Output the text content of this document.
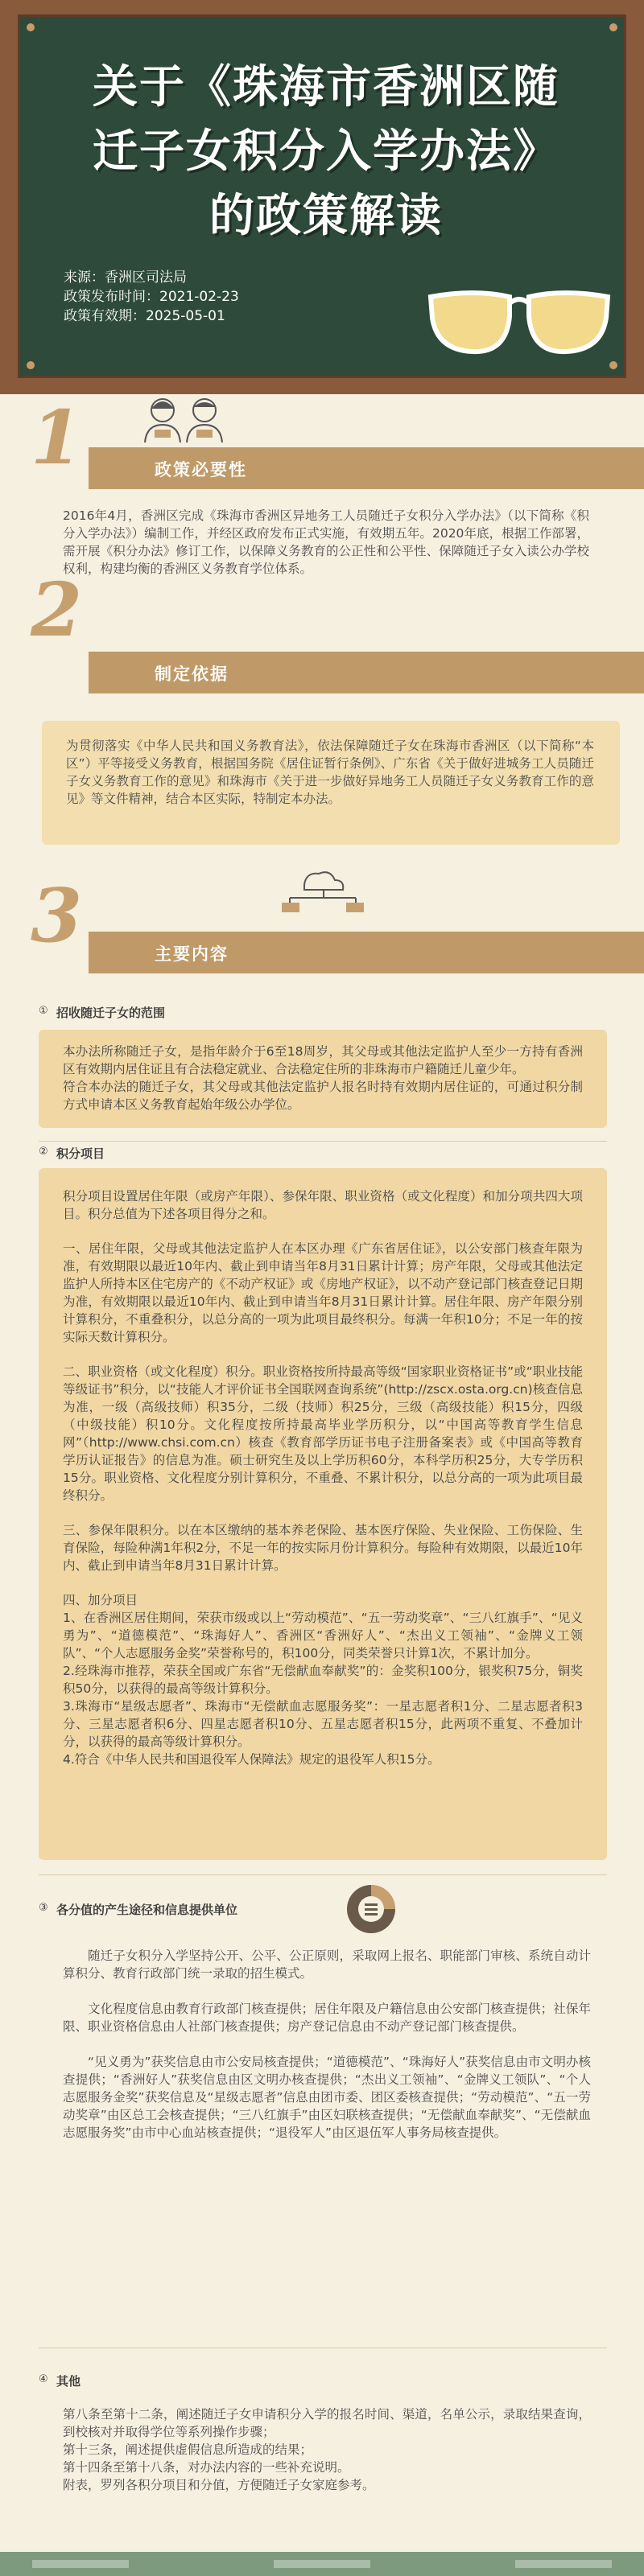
关于《珠海市香洲区随
迁子女积分入学办法》
的政策解读
来源：香洲区司法局
政策发布时间：2021-02-23
政策有效期：2025-05-01
1	政策必要性
2016年4月，香洲区完成《珠海市香洲区异地务工人员随迁子女积分入学办法》（以下简称《积分入学办法》）编制工作，并经区政府发布正式实施，有效期五年。2020年底，根据工作部署，需开展《积分办法》修订工作，以保障义务教育的公正性和公平性、保障随迁子女入读公办学校权利，构建均衡的香洲区义务教育学位体系。
2
制定依据
为贯彻落实《中华人民共和国义务教育法》，依法保障随迁子女在珠海市香洲区（以下简称“本区”）平等接受义务教育，根据国务院《居住证暂行条例》、广东省《关于做好进城务工人员随迁子女义务教育工作的意见》和珠海市《关于进一步做好异地务工人员随迁子女义务教育工作的意见》等文件精神，结合本区实际，特制定本办法。
3	主要内容
① 招收随迁子女的范围

本办法所称随迁子女，是指年龄介于6至18周岁，其父母或其他法定监护人至少一方持有香洲区有效期内居住证且有合法稳定就业、合法稳定住所的非珠海市户籍随迁儿童少年。

符合本办法的随迁子女，其父母或其他法定监护人报名时持有效期内居住证的，可通过积分制方式申请本区义务教育起始年级公办学位。

② 积分项目

积分项目设置居住年限（或房产年限）、参保年限、职业资格（或文化程度）和加分项共四大项目。积分总值为下述各项目得分之和。

一、居住年限，父母或其他法定监护人在本区办理《广东省居住证》，以公安部门核查年限为准，有效期限以最近10年内、截止到申请当年8月31日累计计算；房产年限，父母或其他法定监护人所持本区住宅房产的《不动产权证》或《房地产权证》，以不动产登记部门核查登记日期为准，有效期限以最近10年内、截止到申请当年8月31日累计计算。居住年限、房产年限分别计算积分，不重叠积分，以总分高的一项为此项目最终积分。每满一年积10分；不足一年的按实际天数计算积分。

二、职业资格（或文化程度）积分。职业资格按所持最高等级“国家职业资格证书”或“职业技能等级证书”积分，以“技能人才评价证书全国联网查询系统”(http://zscx.osta.org.cn)核查信息为准，一级（高级技师）积35分，二级（技师）积25分，三级（高级技能）积15分，四级（中级技能）积10分。文化程度按所持最高毕业学历积分，以“中国高等教育学生信息网”（http://www.chsi.com.cn）核查《教育部学历证书电子注册备案表》或《中国高等教育学历认证报告》的信息为准。硕士研究生及以上学历积60分，本科学历积25分，大专学历积15分。职业资格、文化程度分别计算积分，不重叠、不累计积分，以总分高的一项为此项目最终积分。

三、参保年限积分。以在本区缴纳的基本养老保险、基本医疗保险、失业保险、工伤保险、生育保险，每险种满1年积2分，不足一年的按实际月份计算积分。每险种有效期限，以最近10年内、截止到申请当年8月31日累计计算。

四、加分项目
1、在香洲区居住期间，荣获市级或以上“劳动模范”、“五一劳动奖章”、“三八红旗手”、“见义勇为”、“道德模范”、“珠海好人”、香洲区“香洲好人”、“杰出义工领袖”、“金牌义工领队”、“个人志愿服务金奖”荣誉称号的，积100分，同类荣誉只计算1次，不累计加分。
2.经珠海市推荐，荣获全国或广东省“无偿献血奉献奖”的：金奖积100分，银奖积75分，铜奖积50分，以获得的最高等级计算积分。
3.珠海市“星级志愿者”、珠海市“无偿献血志愿服务奖”：一星志愿者积1分、二星志愿者积3分、三星志愿者积6分、四星志愿者积10分、五星志愿者积15分，此两项不重复、不叠加计分，以获得的最高等级计算积分。
4.符合《中华人民共和国退役军人保障法》规定的退役军人积15分。

③ 各分值的产生途径和信息提供单位

随迁子女积分入学坚持公开、公平、公正原则，采取网上报名、职能部门审核、系统自动计算积分、教育行政部门统一录取的招生模式。

文化程度信息由教育行政部门核查提供；居住年限及户籍信息由公安部门核查提供；社保年限、职业资格信息由人社部门核查提供；房产登记信息由不动产登记部门核查提供。

“见义勇为”获奖信息由市公安局核查提供；“道德模范”、“珠海好人”获奖信息由市文明办核查提供；“香洲好人”获奖信息由区文明办核查提供；“杰出义工领袖”、“金牌义工领队”、“个人志愿服务金奖”获奖信息及“星级志愿者”信息由团市委、团区委核查提供；“劳动模范”、“五一劳动奖章”由区总工会核查提供；“三八红旗手”由区妇联核查提供；“无偿献血奉献奖”、“无偿献血志愿服务奖”由市中心血站核查提供；“退役军人”由区退伍军人事务局核查提供。

④ 其他
第八条至第十二条，阐述随迁子女申请积分入学的报名时间、渠道，名单公示，录取结果查询，到校核对并取得学位等系列操作步骤；
第十三条，阐述提供虚假信息所造成的结果；
第十四条至第十八条，对办法内容的一些补充说明。
附表，罗列各积分项目和分值，方便随迁子女家庭参考。
